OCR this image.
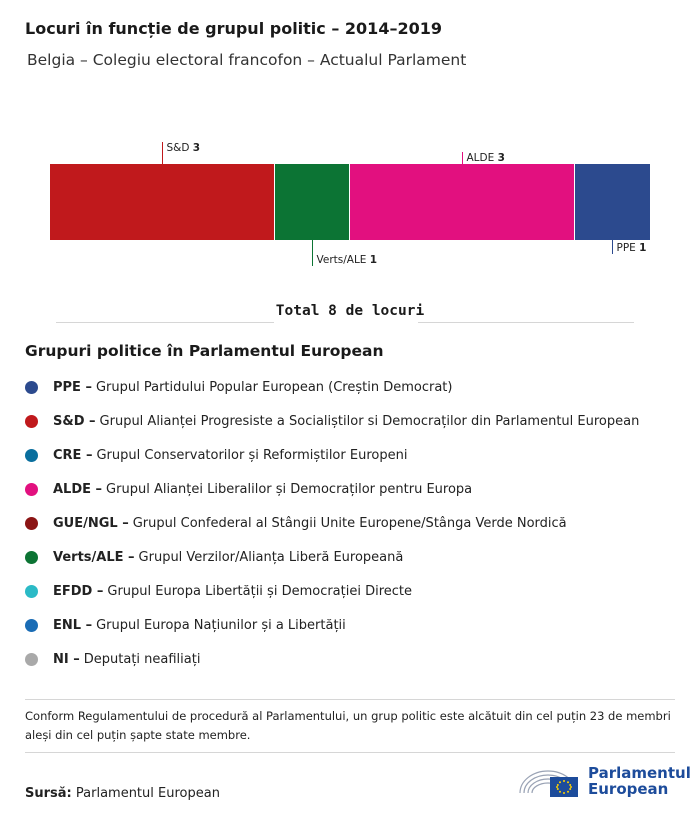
Locuri în funcție de grupul politic – 2014–2019

Belgia – Colegiu electoral francofon – Actualul Parlament

S&D 3
Verts/ALE 1
ALDE 3
PPE 1
Total 8 de locuri
Grupuri politice în Parlamentul European
PPE – Grupul Partidului Popular European (Creștin Democrat)
S&D – Grupul Alianței Progresiste a Socialiștilor si Democraților din Parlamentul European
CRE – Grupul Conservatorilor și Reformiștilor Europeni
ALDE – Grupul Alianței Liberalilor și Democraților pentru Europa
GUE/NGL – Grupul Confederal al Stângii Unite Europene/Stânga Verde Nordică
Verts/ALE – Grupul Verzilor/Alianța Liberă Europeană
EFDD – Grupul Europa Libertății și Democrației Directe
ENL – Grupul Europa Națiunilor și a Libertății
NI – Deputați neafiliați

Conform Regulamentului de procedură al Parlamentului, un grup politic este alcătuit din cel puțin 23 de membri aleși din cel puțin șapte state membre.

Sursă: Parlamentul European
Parlamentul
European
